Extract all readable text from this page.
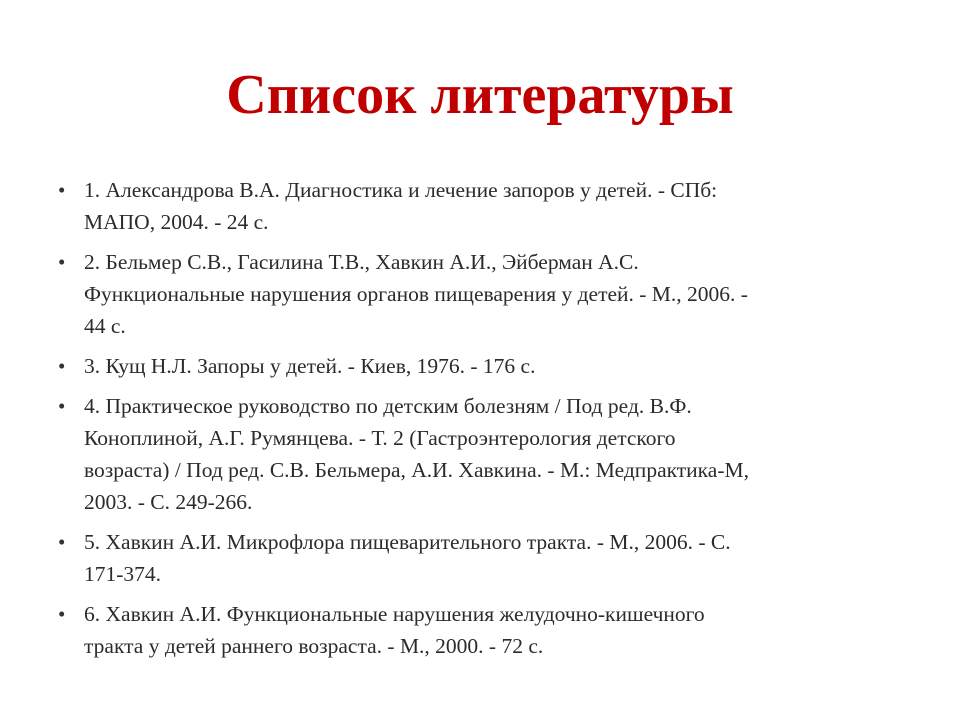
Список литературы
• 1. Александрова В.А. Диагностика и лечение запоров у детей. - СПб:
МАПО, 2004. - 24 с.
• 2. Бельмер С.В., Гасилина Т.В., Хавкин А.И., Эйберман А.С.
Функциональные нарушения органов пищеварения у детей. - М., 2006. -
44 с.
• 3. Кущ Н.Л. Запоры у детей. - Киев, 1976. - 176 с.
• 4. Практическое руководство по детским болезням / Под ред. В.Ф.
Коноплиной, А.Г. Румянцева. - Т. 2 (Гастроэнтерология детского
возраста) / Под ред. С.В. Бельмера, А.И. Хавкина. - М.: Медпрактика-М,
2003. - С. 249-266.
• 5. Хавкин А.И. Микрофлора пищеварительного тракта. - М., 2006. - С.
171-374.
• 6. Хавкин А.И. Функциональные нарушения желудочно-кишечного
тракта у детей раннего возраста. - М., 2000. - 72 с.
